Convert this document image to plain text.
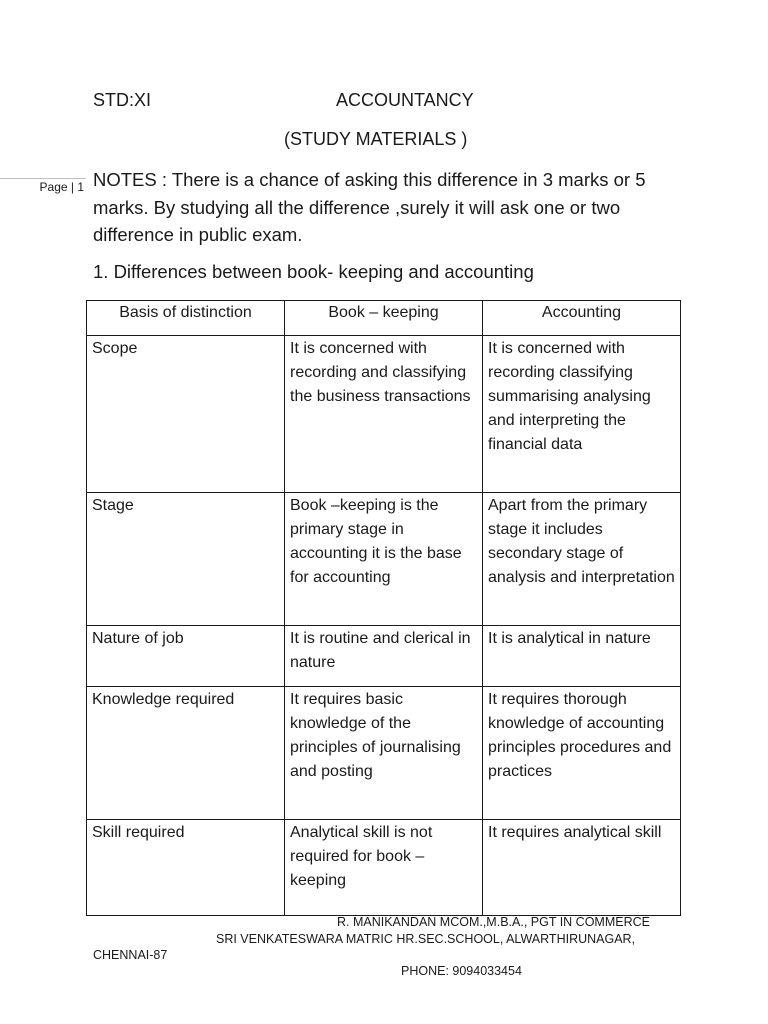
Page | 1
STD:XI	ACCOUNTANCY
(STUDY MATERIALS )
NOTES : There is a chance of asking this difference in 3 marks or 5 marks. By studying all the difference ,surely it will ask one or two difference in public exam.
1. Differences between book- keeping and accounting
Basis of distinction	Book – keeping	Accounting
Scope	It is concerned with recording and classifying the business transactions	It is concerned with recording classifying summarising analysing and interpreting the financial data
Stage	Book –keeping is the primary stage in accounting it is the base for accounting	Apart from the primary stage it includes secondary stage of analysis and interpretation
Nature of job	It is routine and clerical in nature	It is analytical in nature
Knowledge required	It requires basic knowledge of the principles of journalising and posting	It requires thorough knowledge of accounting principles procedures and practices
Skill required	Analytical skill is not required for book – keeping	It requires analytical skill
R. MANIKANDAN MCOM.,M.B.A., PGT IN COMMERCE
SRI VENKATESWARA MATRIC HR.SEC.SCHOOL, ALWARTHIRUNAGAR,
CHENNAI-87
PHONE: 9094033454
